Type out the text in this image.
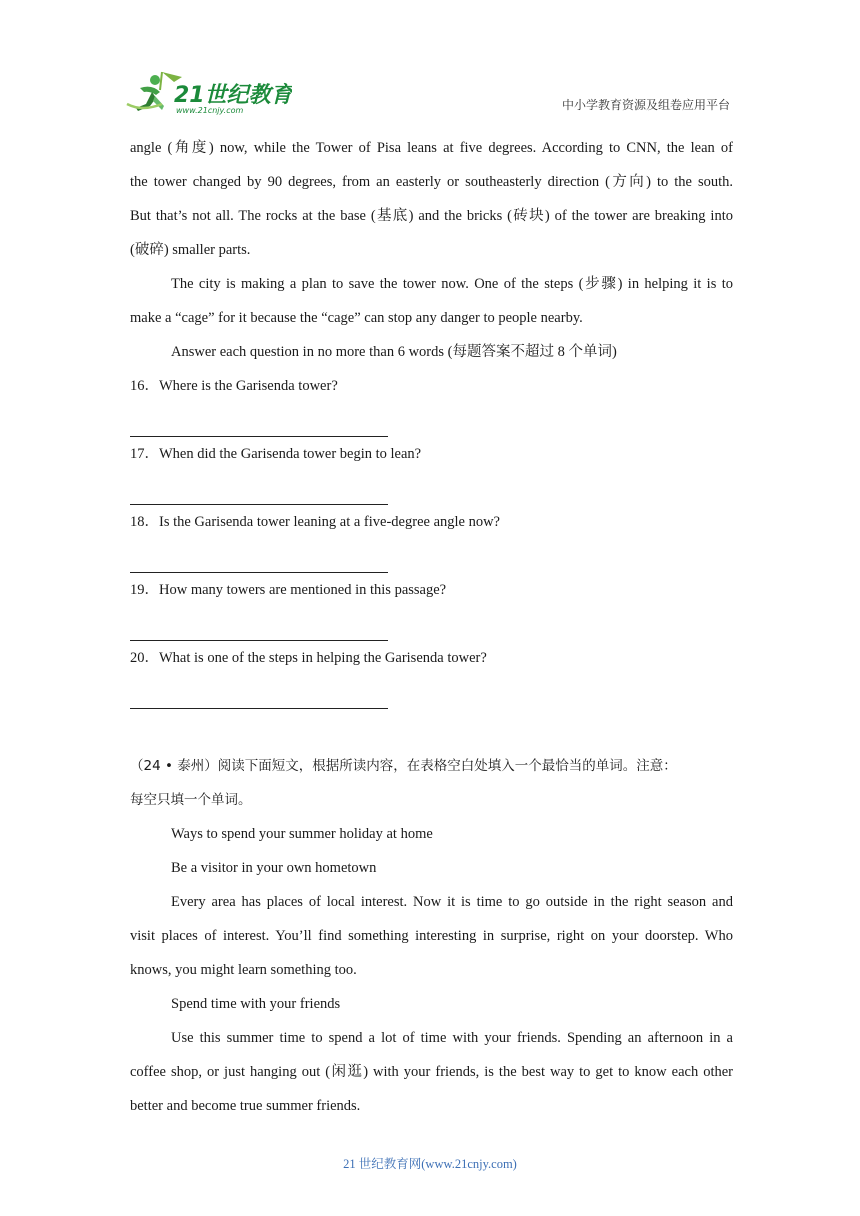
21世纪教育
www.21cnjy.com	中小学教育资源及组卷应用平台

angle (角度) now, while the Tower of Pisa leans at five degrees. According to CNN, the lean of

the tower changed by 90 degrees, from an easterly or southeasterly direction (方向) to the south.

But that’s not all. The rocks at the base (基底) and the bricks (砖块) of the tower are breaking into

(破碎) smaller parts.

The city is making a plan to save the tower now. One of the steps (步骤) in helping it is to

make a “cage” for it because the “cage” can stop any danger to people nearby.

Answer each question in no more than 6 words (每题答案不超过 8 个单词)

16．Where is the Garisenda tower?

17．When did the Garisenda tower begin to lean?

18．Is the Garisenda tower leaning at a five-degree angle now?

19．How many towers are mentioned in this passage?

20．What is one of the steps in helping the Garisenda tower?

（24 • 泰州）阅读下面短文，根据所读内容，在表格空白处填入一个最恰当的单词。注意：

每空只填一个单词。

Ways to spend your summer holiday at home

Be a visitor in your own hometown

Every area has places of local interest. Now it is time to go outside in the right season and

visit places of interest. You’ll find something interesting in surprise, right on your doorstep. Who

knows, you might learn something too.

Spend time with your friends

Use this summer time to spend a lot of time with your friends. Spending an afternoon in a

coffee shop, or just hanging out (闲逛) with your friends, is the best way to get to know each other

better and become true summer friends.

21 世纪教育网(www.21cnjy.com)
